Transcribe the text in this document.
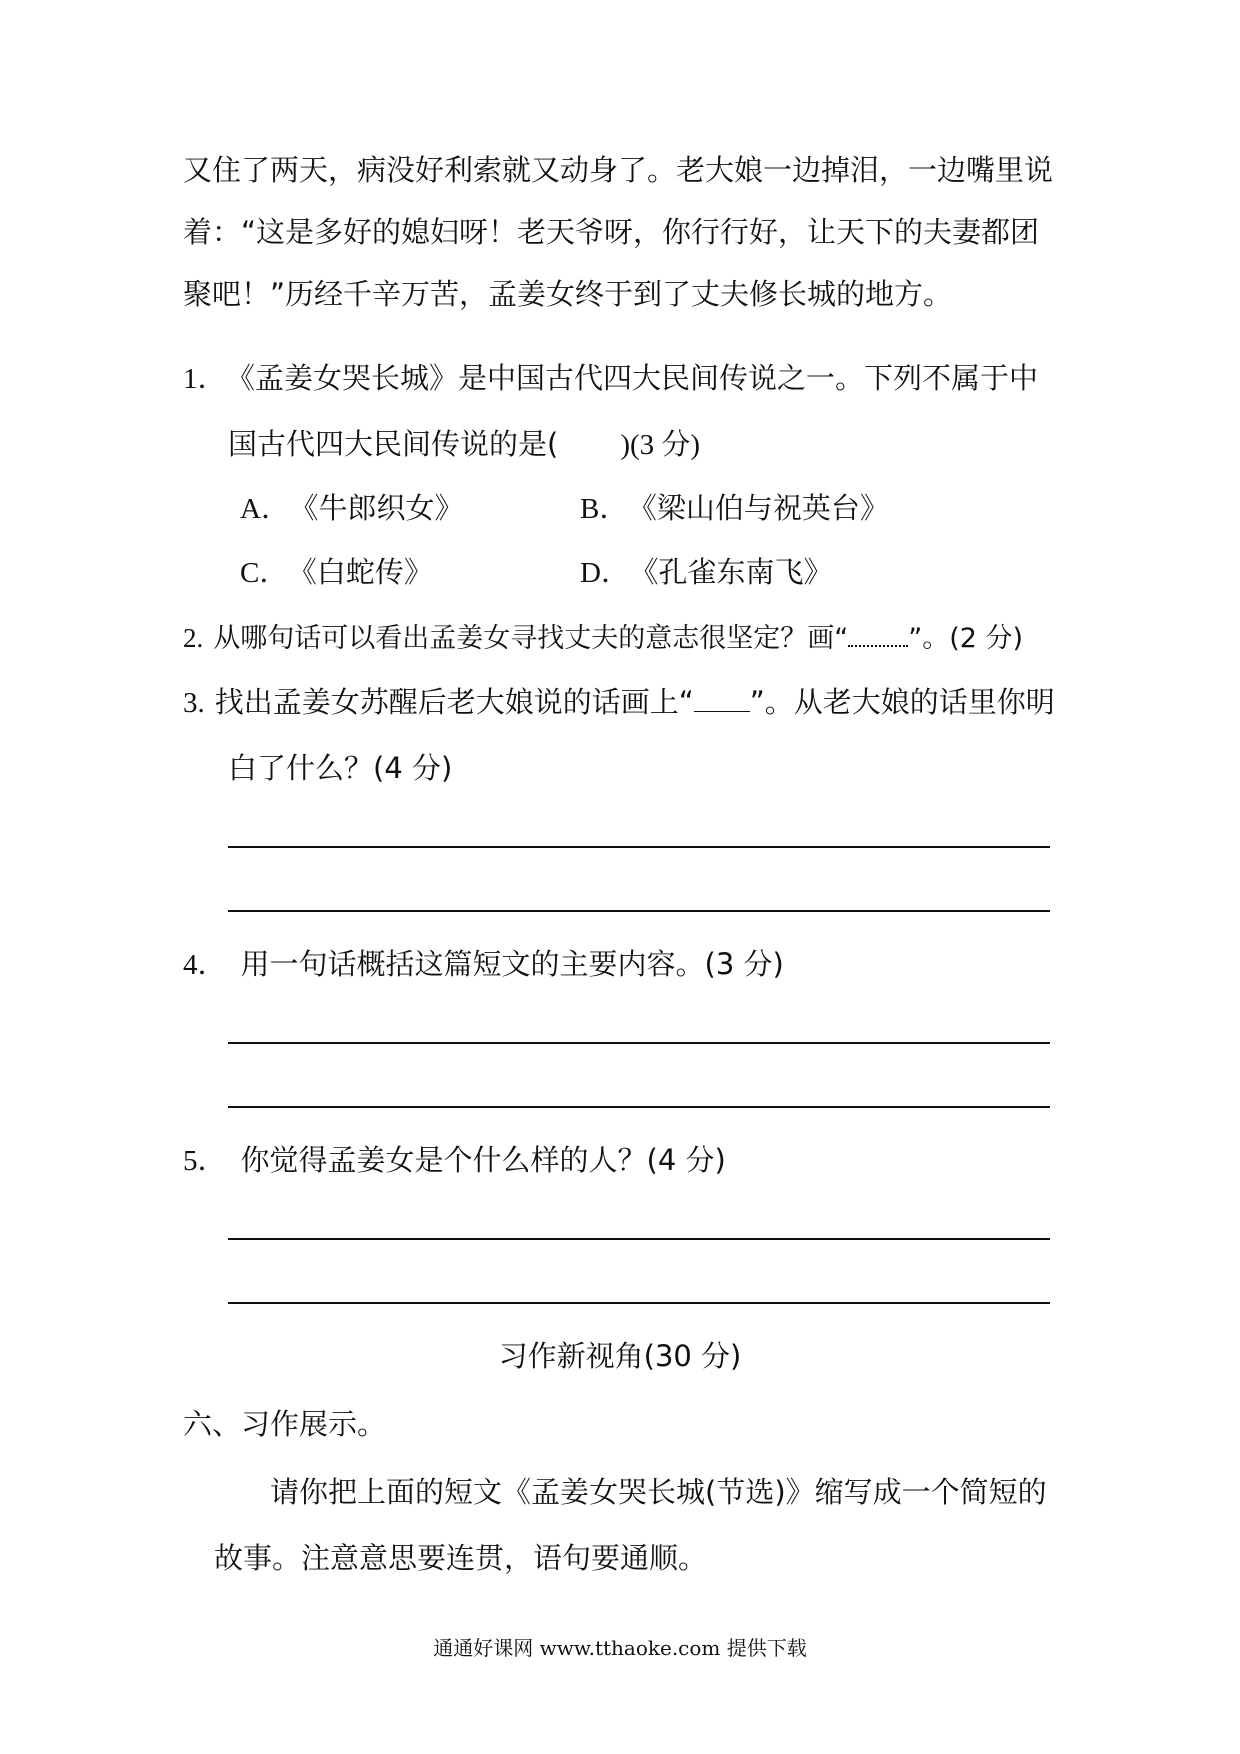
又住了两天，病没好利索就又动身了。老大娘一边掉泪，一边嘴里说
着：“这是多好的媳妇呀！老天爷呀，你行行好，让天下的夫妻都团
聚吧！”历经千辛万苦，孟姜女终于到了丈夫修长城的地方。
1． 《孟姜女哭长城》是中国古代四大民间传说之一。下列不属于中
国古代四大民间传说的是( )(3 分)
A． 《牛郎织女》	B． 《梁山伯与祝英台》
C． 《白蛇传》	D． 《孔雀东南飞》
2. 从哪句话可以看出孟姜女寻找丈夫的意志很坚定？画“ ”。(2 分)
3. 找出孟姜女苏醒后老大娘说的话画上“ ”。从老大娘的话里你明
白了什么？(4 分)
4． 用一句话概括这篇短文的主要内容。(3 分)
5． 你觉得孟姜女是个什么样的人？(4 分)
习作新视角(30 分)
六、习作展示。
请你把上面的短文《孟姜女哭长城(节选)》缩写成一个简短的
故事。注意意思要连贯，语句要通顺。
通通好课网 www.tthaoke.com 提供下载
